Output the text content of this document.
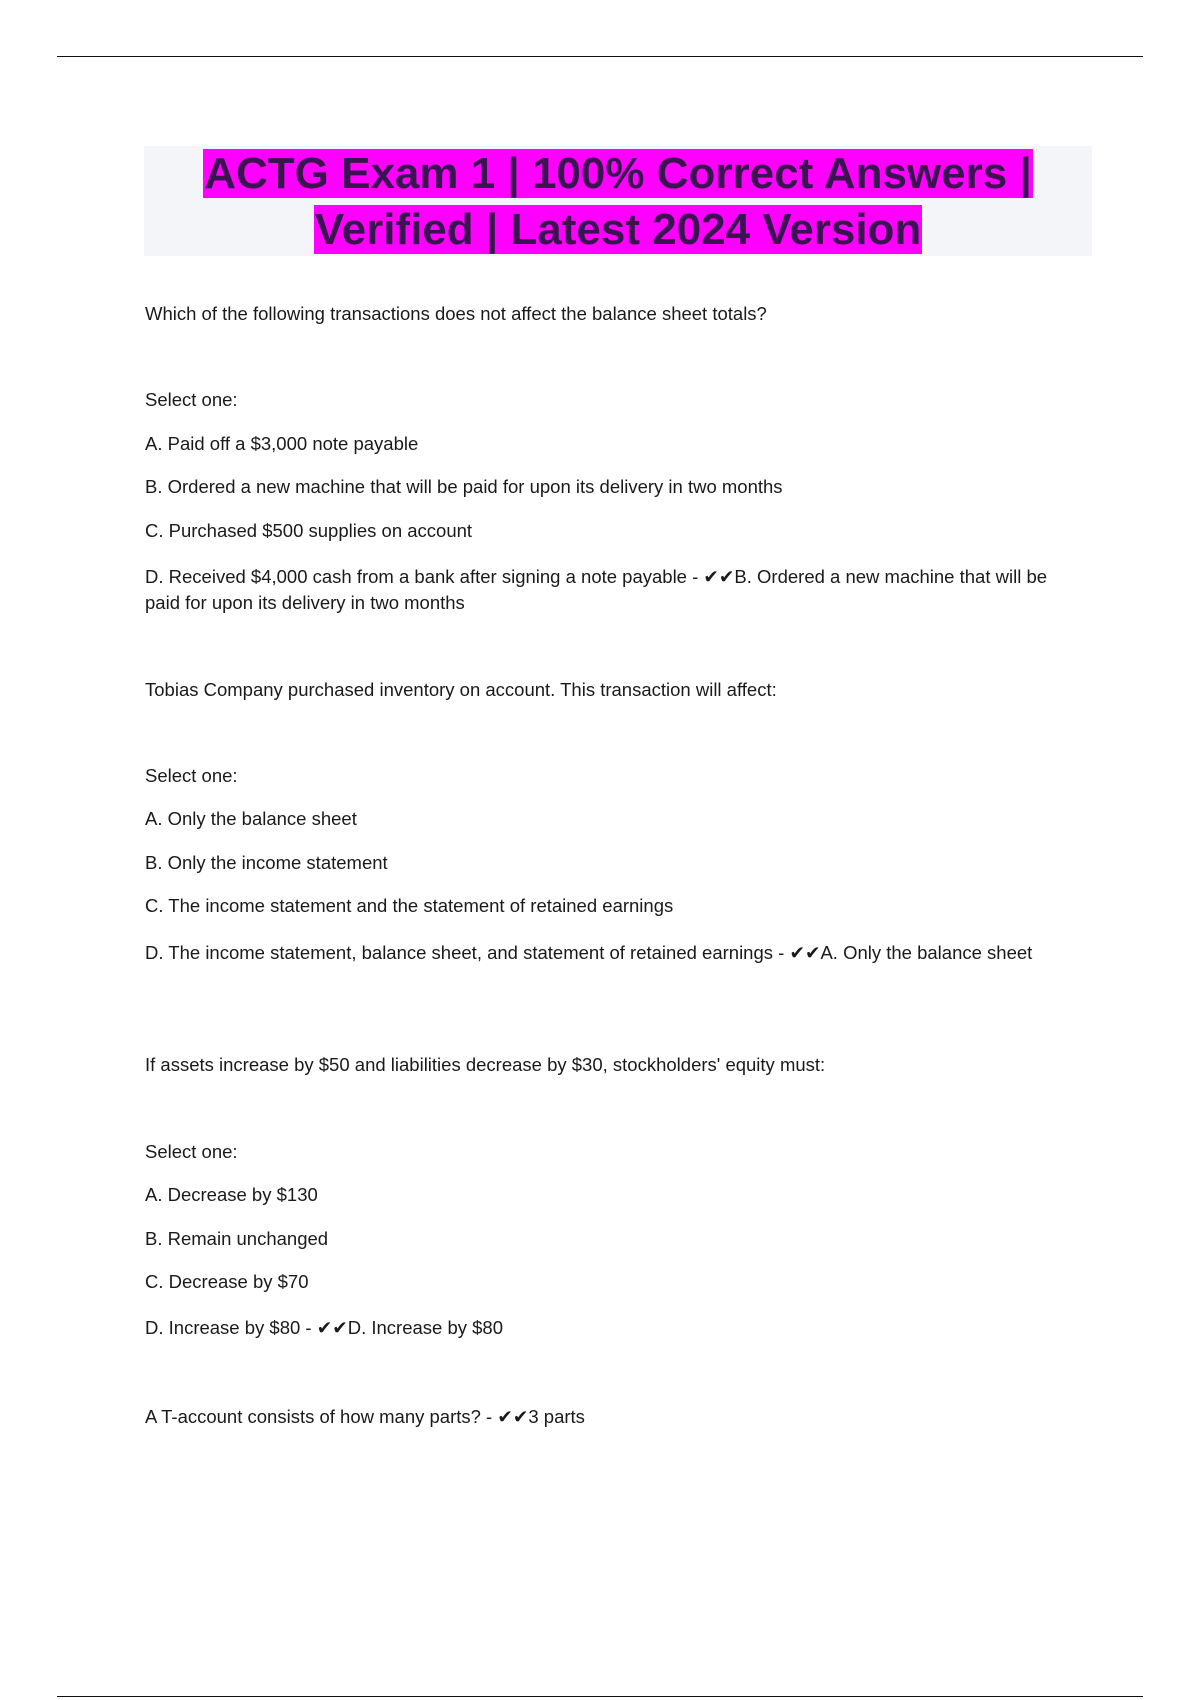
ACTG Exam 1 | 100% Correct Answers | Verified | Latest 2024 Version
Which of the following transactions does not affect the balance sheet totals?
Select one:
A. Paid off a $3,000 note payable
B. Ordered a new machine that will be paid for upon its delivery in two months
C. Purchased $500 supplies on account
D. Received $4,000 cash from a bank after signing a note payable - ✔✔B. Ordered a new machine that will be paid for upon its delivery in two months
Tobias Company purchased inventory on account. This transaction will affect:
Select one:
A. Only the balance sheet
B. Only the income statement
C. The income statement and the statement of retained earnings
D. The income statement, balance sheet, and statement of retained earnings - ✔✔A. Only the balance sheet
If assets increase by $50 and liabilities decrease by $30, stockholders' equity must:
Select one:
A. Decrease by $130
B. Remain unchanged
C. Decrease by $70
D. Increase by $80 - ✔✔D. Increase by $80
A T-account consists of how many parts? - ✔✔3 parts
